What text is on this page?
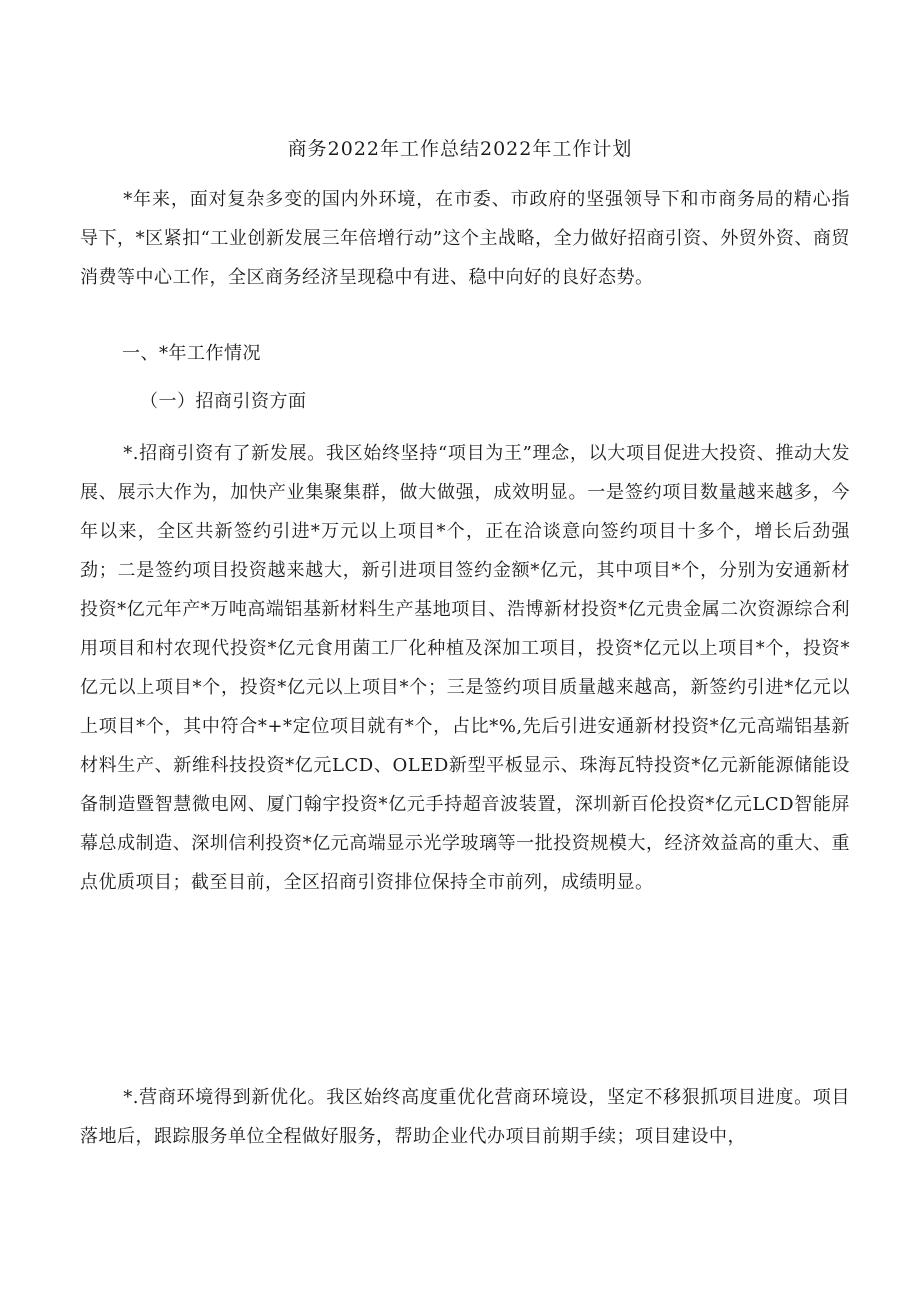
商务2022年工作总结2022年工作计划

*年来，面对复杂多变的国内外环境，在市委、市政府的坚强领导下和市商务局的精心指导下，*区紧扣“工业创新发展三年倍增行动”这个主战略，全力做好招商引资、外贸外资、商贸消费等中心工作，全区商务经济呈现稳中有进、稳中向好的良好态势。

一、*年工作情况
（一）招商引资方面

*.招商引资有了新发展。我区始终坚持“项目为王”理念，以大项目促进大投资、推动大发展、展示大作为，加快产业集聚集群，做大做强，成效明显。一是签约项目数量越来越多，今年以来，全区共新签约引进*万元以上项目*个，正在洽谈意向签约项目十多个，增长后劲强劲；二是签约项目投资越来越大，新引进项目签约金额*亿元，其中项目*个，分别为安通新材投资*亿元年产*万吨高端铝基新材料生产基地项目、浩博新材投资*亿元贵金属二次资源综合利用项目和村农现代投资*亿元食用菌工厂化种植及深加工项目，投资*亿元以上项目*个，投资*亿元以上项目*个，投资*亿元以上项目*个；三是签约项目质量越来越高，新签约引进*亿元以上项目*个，其中符合*+*定位项目就有*个，占比*%,先后引进安通新材投资*亿元高端铝基新材料生产、新维科技投资*亿元LCD、OLED新型平板显示、珠海瓦特投资*亿元新能源储能设备制造暨智慧微电网、厦门翰宇投资*亿元手持超音波装置，深圳新百伦投资*亿元LCD智能屏幕总成制造、深圳信利投资*亿元高端显示光学玻璃等一批投资规模大，经济效益高的重大、重点优质项目；截至目前，全区招商引资排位保持全市前列，成绩明显。

*.营商环境得到新优化。我区始终高度重优化营商环境设，坚定不移狠抓项目进度。项目落地后，跟踪服务单位全程做好服务，帮助企业代办项目前期手续；项目建设中，
